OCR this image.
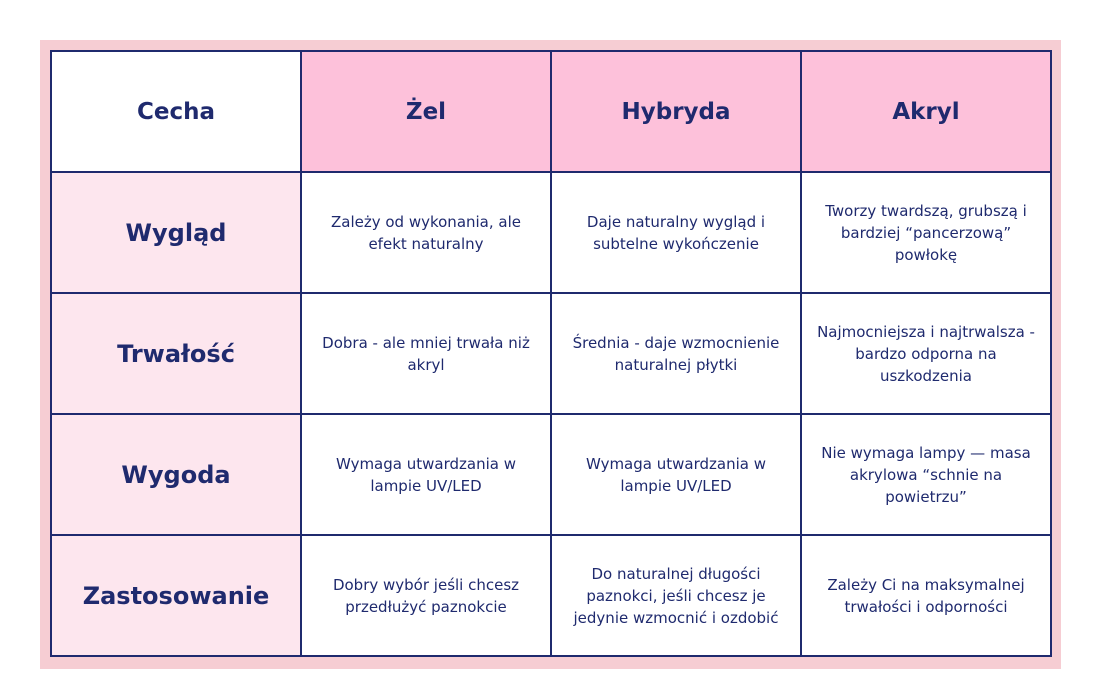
Cecha	Żel	Hybryda	Akryl
Wygląd	Zależy od wykonania, ale efekt naturalny	Daje naturalny wygląd i subtelne wykończenie	Tworzy twardszą, grubszą i bardziej “pancerzową” powłokę
Trwałość	Dobra - ale mniej trwała niż akryl	Średnia - daje wzmocnienie naturalnej płytki	Najmocniejsza i najtrwalsza - bardzo odporna na uszkodzenia
Wygoda	Wymaga utwardzania w lampie UV/LED	Wymaga utwardzania w lampie UV/LED	Nie wymaga lampy — masa akrylowa “schnie na powietrzu”
Zastosowanie	Dobry wybór jeśli chcesz przedłużyć paznokcie	Do naturalnej długości paznokci, jeśli chcesz je jedynie wzmocnić i ozdobić	Zależy Ci na maksymalnej trwałości i odporności
